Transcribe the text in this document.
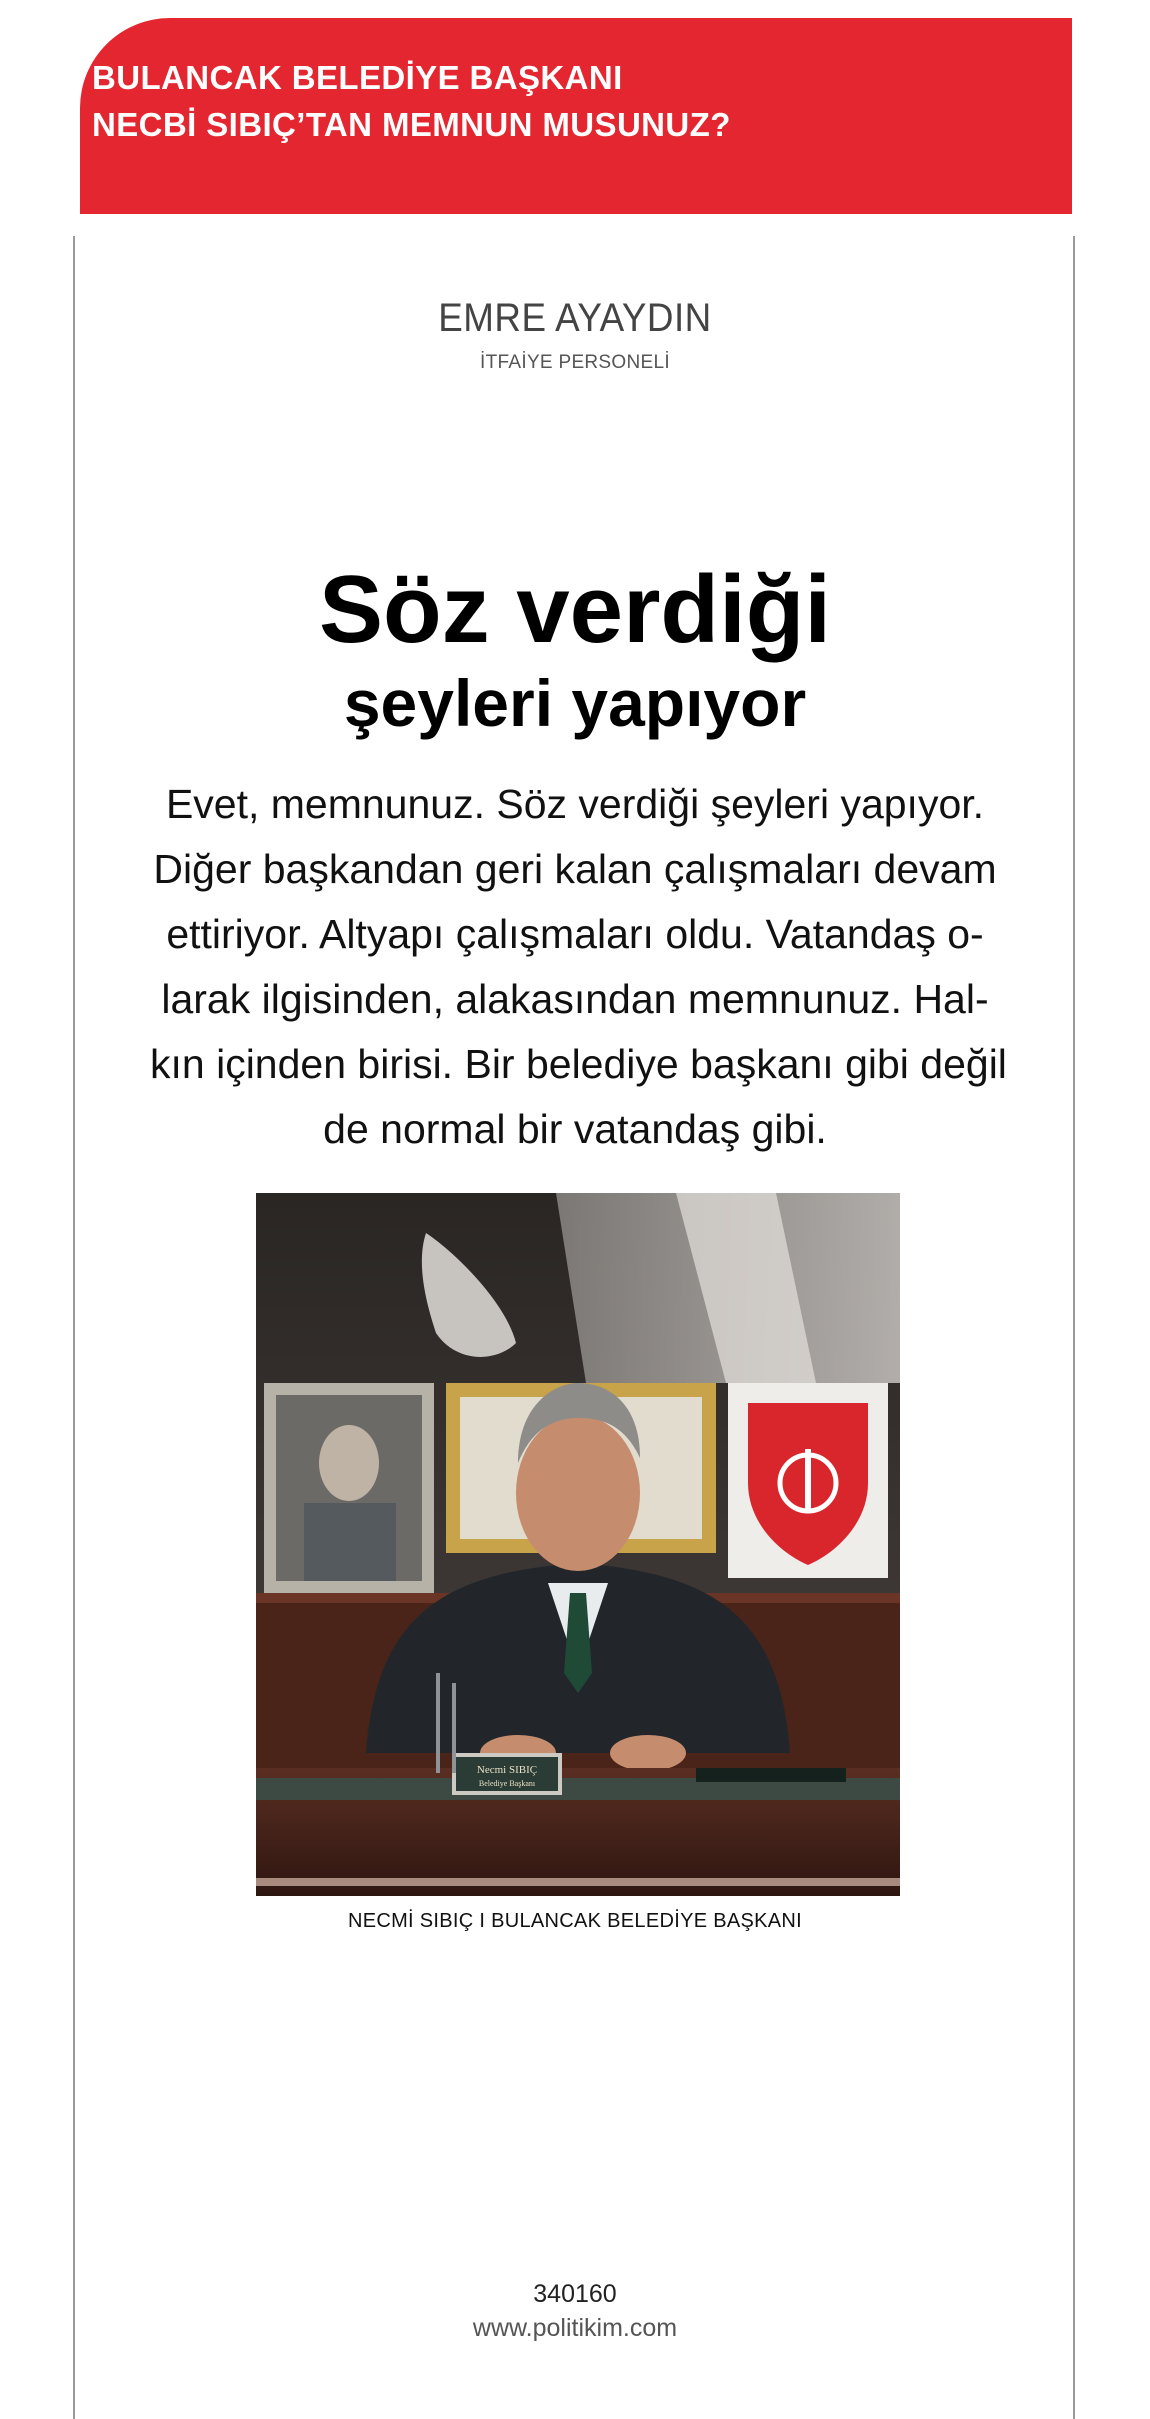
BULANCAK BELEDİYE BAŞKANI
NECBİ SIBIÇ’TAN MEMNUN MUSUNUZ?
EMRE AYAYDIN
İTFAİYE PERSONELİ
Söz verdiği
şeyleri yapıyor
Evet, memnunuz. Söz verdiği şeyleri yapıyor.
Diğer başkandan geri kalan çalışmaları devam
ettiriyor. Altyapı çalışmaları oldu. Vatandaş o-
larak ilgisinden, alakasından memnunuz. Hal-
kın içinden birisi. Bir belediye başkanı gibi değil
de normal bir vatandaş gibi.
Necmi SIBIÇ
Belediye Başkanı
NECMİ SIBIÇ I BULANCAK BELEDİYE BAŞKANI
340160
www.politikim.com
